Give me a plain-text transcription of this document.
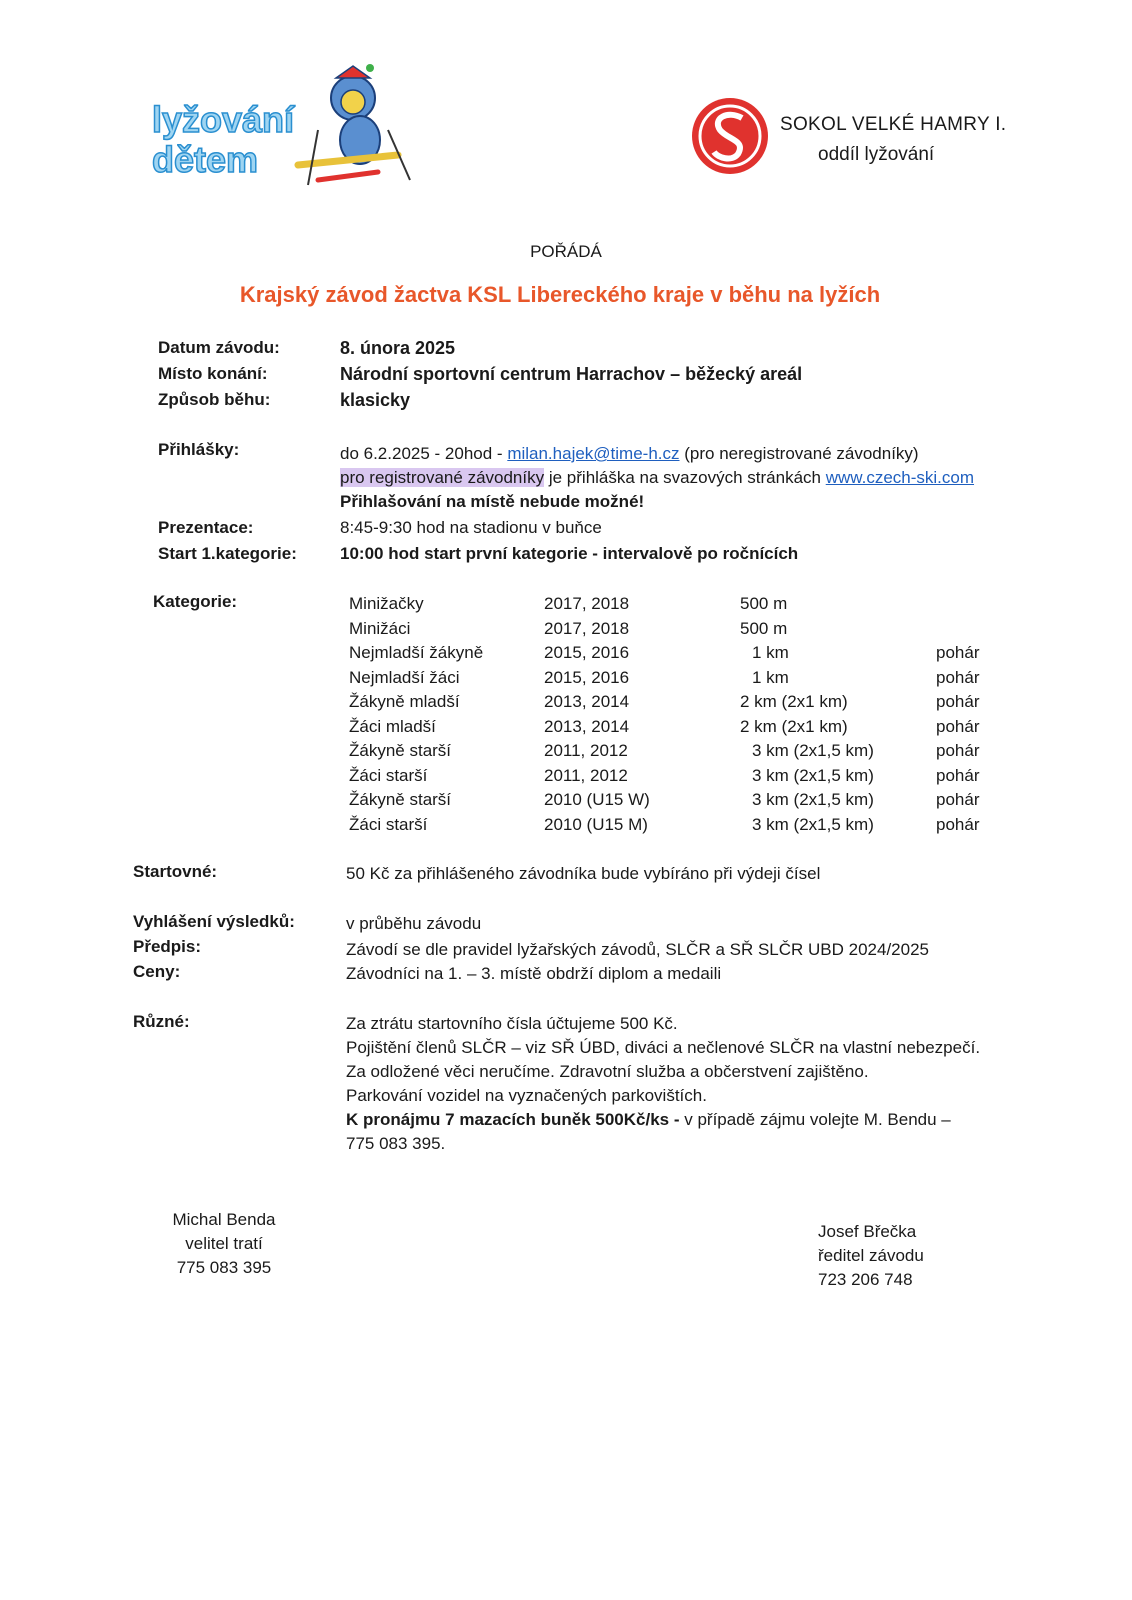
lyžování
dětem
SOKOL VELKÉ HAMRY I.
oddíl lyžování
POŘÁDÁ
Krajský závod žactva KSL Libereckého kraje v běhu na lyžích
Datum závodu:	8. února 2025
Místo konání:	Národní sportovní centrum Harrachov – běžecký areál
Způsob běhu:	klasicky
Přihlášky:	do 6.2.2025 - 20hod - milan.hajek@time-h.cz (pro neregistrované závodníky)
pro registrované závodníky je přihláška na svazových stránkách www.czech-ski.com
Přihlašování na místě nebude možné!
Prezentace:	8:45-9:30 hod na stadionu v buňce
Start 1.kategorie:	10:00 hod start první kategorie - intervalově po ročnících
Kategorie:	Minižačky	2017, 2018	500 m
Minižáci	2017, 2018	500 m
Nejmladší žákyně	2015, 2016	1 km	pohár
Nejmladší žáci	2015, 2016	1 km	pohár
Žákyně mladší	2013, 2014	2 km (2x1 km)	pohár
Žáci mladší	2013, 2014	2 km (2x1 km)	pohár
Žákyně starší	2011, 2012	3 km (2x1,5 km)	pohár
Žáci starší	2011, 2012	3 km (2x1,5 km)	pohár
Žákyně starší	2010 (U15 W)	3 km (2x1,5 km)	pohár
Žáci starší	2010 (U15 M)	3 km (2x1,5 km)	pohár
Startovné:	50 Kč za přihlášeného závodníka bude vybíráno při výdeji čísel
Vyhlášení výsledků:	v průběhu závodu
Předpis:	Závodí se dle pravidel lyžařských závodů, SLČR a SŘ SLČR UBD 2024/2025
Ceny:	Závodníci na 1. – 3. místě obdrží diplom a medaili
Různé:	Za ztrátu startovního čísla účtujeme 500 Kč.
Pojištění členů SLČR – viz SŘ ÚBD, diváci a nečlenové SLČR na vlastní nebezpečí.
Za odložené věci neručíme. Zdravotní služba a občerstvení zajištěno.
Parkování vozidel na vyznačených parkovištích.
K pronájmu 7 mazacích buněk 500Kč/ks - v případě zájmu volejte M. Bendu –
775 083 395.
Michal Benda
velitel tratí
775 083 395
Josef Břečka
ředitel závodu
723 206 748
